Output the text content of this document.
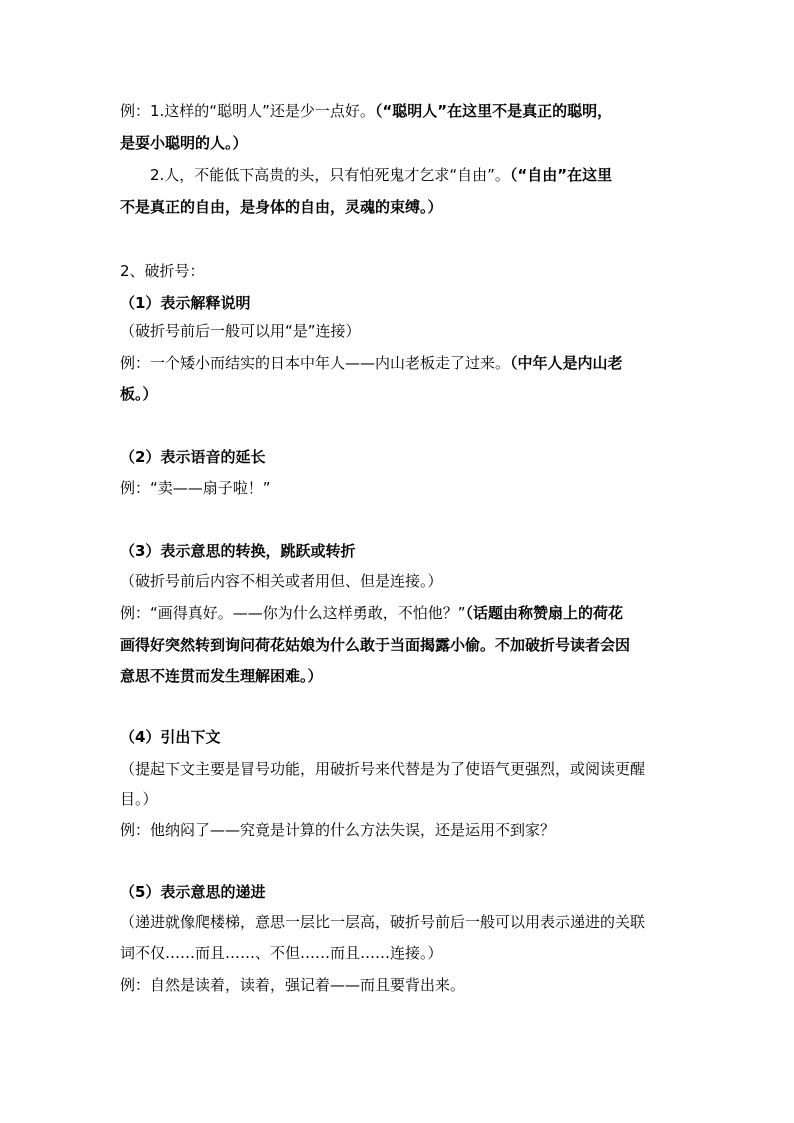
例：1.这样的“聪明人”还是少一点好。（“聪明人”在这里不是真正的聪明，
是耍小聪明的人。）
2.人，不能低下高贵的头，只有怕死鬼才乞求“自由”。（“自由”在这里
不是真正的自由，是身体的自由，灵魂的束缚。）
2、破折号：
（1）表示解释说明
（破折号前后一般可以用“是”连接）
例：一个矮小而结实的日本中年人——内山老板走了过来。（中年人是内山老
板。）
（2）表示语音的延长
例：“卖——扇子啦！”
（3）表示意思的转换，跳跃或转折
（破折号前后内容不相关或者用但、但是连接。）
例：“画得真好。——你为什么这样勇敢，不怕他？”（话题由称赞扇上的荷花
画得好突然转到询问荷花姑娘为什么敢于当面揭露小偷。不加破折号读者会因
意思不连贯而发生理解困难。）
（4）引出下文
（提起下文主要是冒号功能，用破折号来代替是为了使语气更强烈，或阅读更醒
目。）
例：他纳闷了——究竟是计算的什么方法失误，还是运用不到家？
（5）表示意思的递进
（递进就像爬楼梯，意思一层比一层高，破折号前后一般可以用表示递进的关联
词不仅……而且……、不但……而且……连接。）
例：自然是读着，读着，强记着——而且要背出来。
